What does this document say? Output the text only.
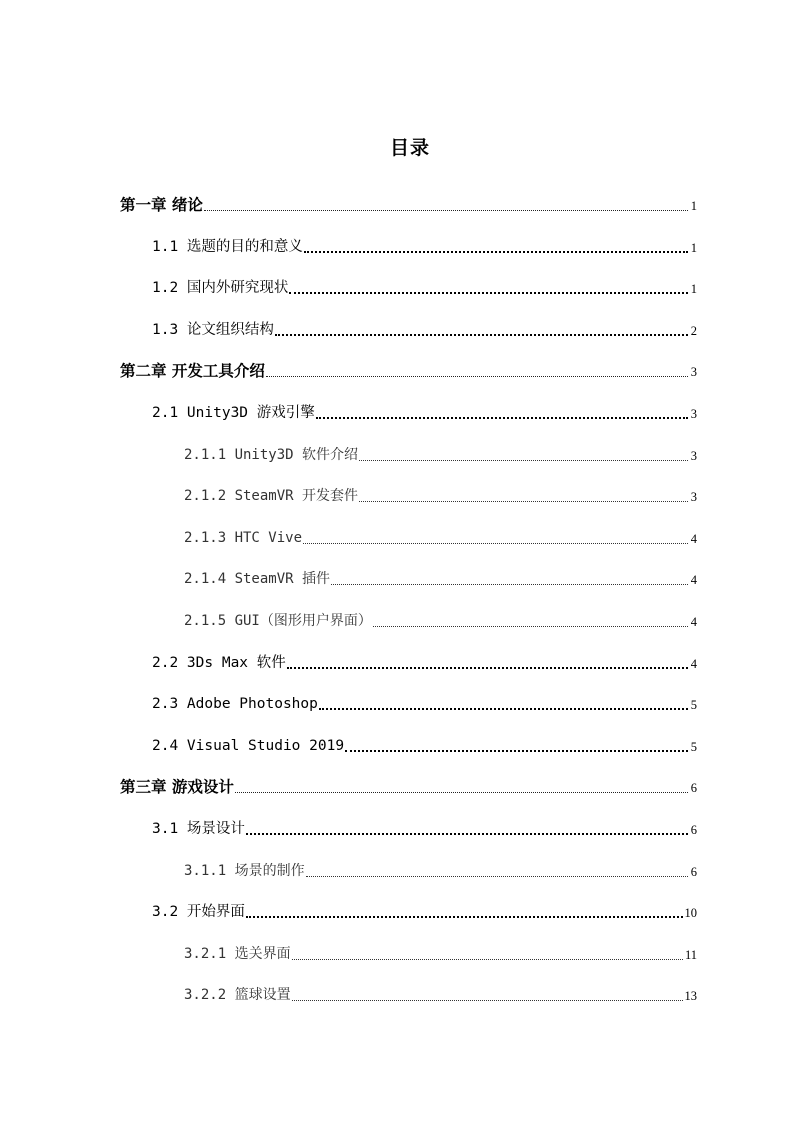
目录
第一章 绪论	1
1.1 选题的目的和意义	1
1.2 国内外研究现状	1
1.3 论文组织结构	2
第二章 开发工具介绍	3
2.1 Unity3D 游戏引擎	3
2.1.1 Unity3D 软件介绍	3
2.1.2 SteamVR 开发套件	3
2.1.3 HTC Vive	4
2.1.4 SteamVR 插件	4
2.1.5 GUI（图形用户界面）	4
2.2 3Ds Max 软件	4
2.3 Adobe Photoshop	5
2.4 Visual Studio 2019	5
第三章 游戏设计	6
3.1 场景设计	6
3.1.1 场景的制作	6
3.2 开始界面	10
3.2.1 选关界面	11
3.2.2 篮球设置	13
